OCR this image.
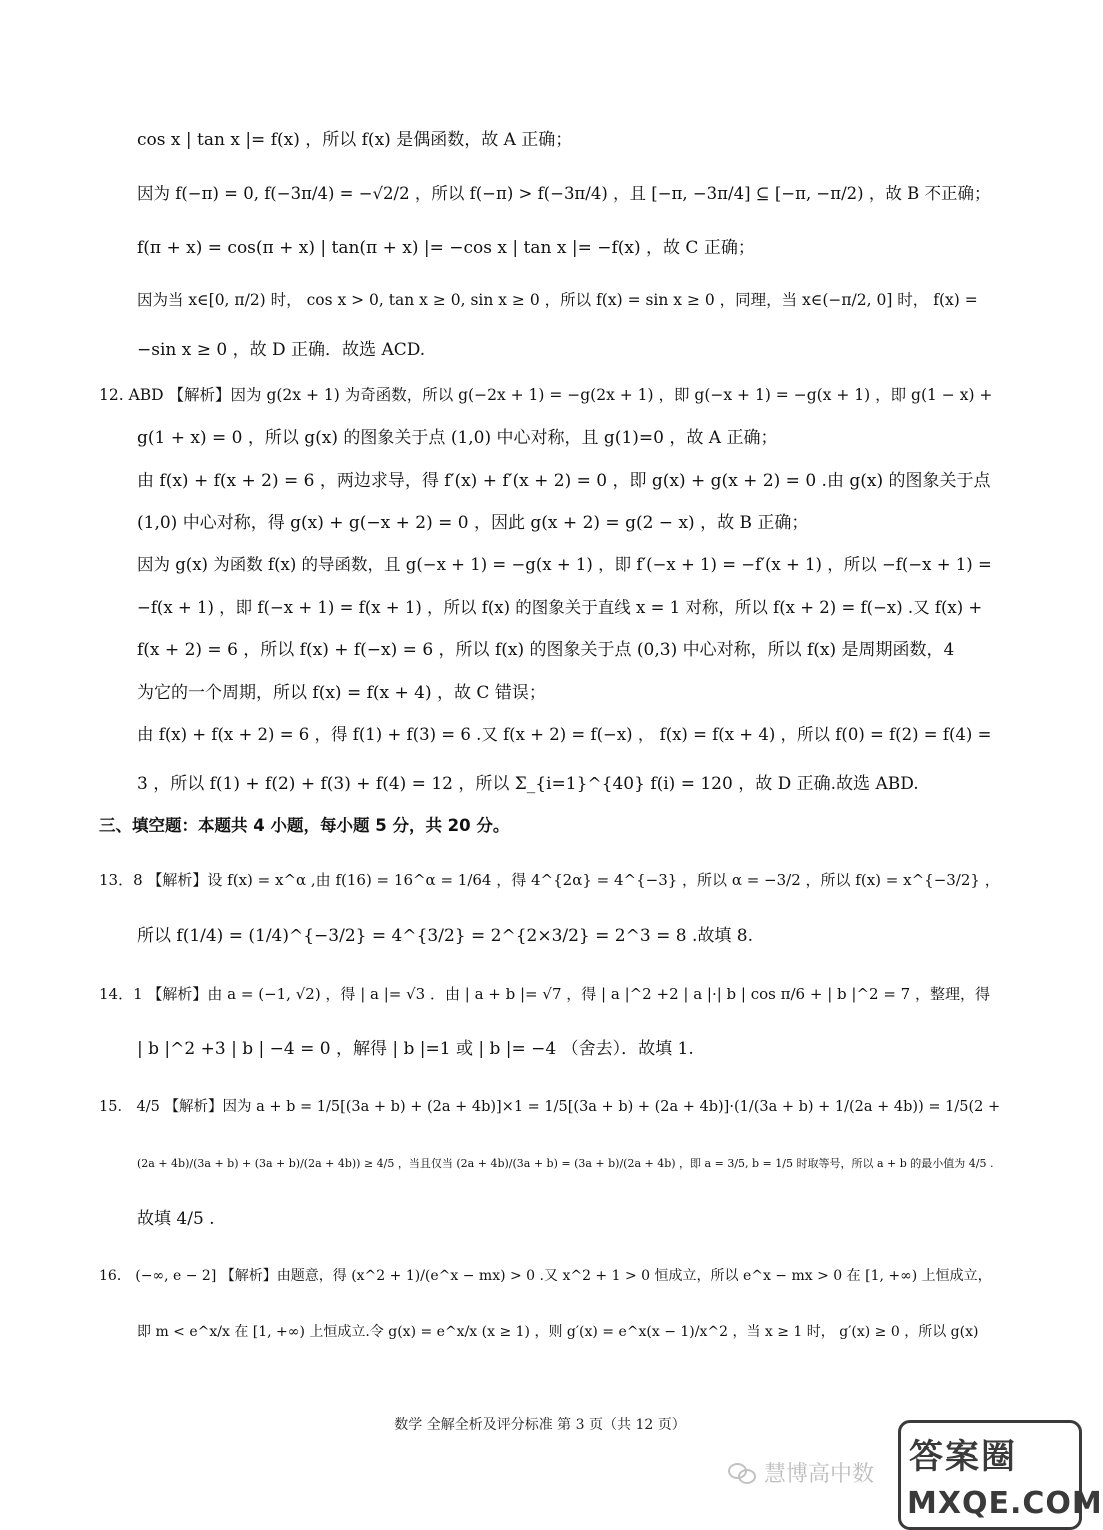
cos x | tan x |= f(x) ，所以 f(x) 是偶函数，故 A 正确；
因为 f(−π) = 0, f(−3π/4) = −√2/2 ，所以 f(−π) > f(−3π/4) ，且 [−π, −3π/4] ⊆ [−π, −π/2) ，故 B 不正确；
f(π + x) = cos(π + x) | tan(π + x) |= −cos x | tan x |= −f(x) ，故 C 正确；
因为当 x∈[0, π/2) 时， cos x > 0, tan x ≥ 0, sin x ≥ 0 ，所以 f(x) = sin x ≥ 0 ，同理，当 x∈(−π/2, 0] 时， f(x) =
−sin x ≥ 0 ，故 D 正确．故选 ACD.
12. ABD 【解析】因为 g(2x + 1) 为奇函数，所以 g(−2x + 1) = −g(2x + 1) ，即 g(−x + 1) = −g(x + 1) ，即 g(1 − x) +
g(1 + x) = 0 ，所以 g(x) 的图象关于点 (1,0) 中心对称，且 g(1)=0 ，故 A 正确；
由 f(x) + f(x + 2) = 6 ，两边求导，得 f′(x) + f′(x + 2) = 0 ，即 g(x) + g(x + 2) = 0 .由 g(x) 的图象关于点
(1,0) 中心对称，得 g(x) + g(−x + 2) = 0 ，因此 g(x + 2) = g(2 − x) ，故 B 正确；
因为 g(x) 为函数 f(x) 的导函数，且 g(−x + 1) = −g(x + 1) ，即 f′(−x + 1) = −f′(x + 1) ，所以 −f(−x + 1) =
−f(x + 1) ，即 f(−x + 1) = f(x + 1) ，所以 f(x) 的图象关于直线 x = 1 对称，所以 f(x + 2) = f(−x) .又 f(x) +
f(x + 2) = 6 ，所以 f(x) + f(−x) = 6 ，所以 f(x) 的图象关于点 (0,3) 中心对称，所以 f(x) 是周期函数，4
为它的一个周期，所以 f(x) = f(x + 4) ，故 C 错误；
由 f(x) + f(x + 2) = 6 ，得 f(1) + f(3) = 6 .又 f(x + 2) = f(−x) ， f(x) = f(x + 4) ，所以 f(0) = f(2) = f(4) =
3 ，所以 f(1) + f(2) + f(3) + f(4) = 12 ，所以 Σ_{i=1}^{40} f(i) = 120 ，故 D 正确.故选 ABD.
三、填空题：本题共 4 小题，每小题 5 分，共 20 分。
13．8 【解析】设 f(x) = x^α ,由 f(16) = 16^α = 1/64 ，得 4^{2α} = 4^{−3} ，所以 α = −3/2 ，所以 f(x) = x^{−3/2} ，
所以 f(1/4) = (1/4)^{−3/2} = 4^{3/2} = 2^{2×3/2} = 2^3 = 8 .故填 8.
14．1 【解析】由 a = (−1, √2) ，得 | a |= √3 ．由 | a + b |= √7 ，得 | a |^2 +2 | a |·| b | cos π/6 + | b |^2 = 7 ，整理，得
| b |^2 +3 | b | −4 = 0 ，解得 | b |=1 或 | b |= −4 （舍去）．故填 1.
15． 4/5 【解析】因为 a + b = 1/5[(3a + b) + (2a + 4b)]×1 = 1/5[(3a + b) + (2a + 4b)]·(1/(3a + b) + 1/(2a + 4b)) = 1/5(2 +
(2a + 4b)/(3a + b) + (3a + b)/(2a + 4b)) ≥ 4/5 ，当且仅当 (2a + 4b)/(3a + b) = (3a + b)/(2a + 4b) ，即 a = 3/5, b = 1/5 时取等号，所以 a + b 的最小值为 4/5 .
故填 4/5 .
16． (−∞, e − 2] 【解析】由题意，得 (x^2 + 1)/(e^x − mx) > 0 .又 x^2 + 1 > 0 恒成立，所以 e^x − mx > 0 在 [1, +∞) 上恒成立，
即 m < e^x/x 在 [1, +∞) 上恒成立.令 g(x) = e^x/x (x ≥ 1) ，则 g′(x) = e^x(x − 1)/x^2 ，当 x ≥ 1 时， g′(x) ≥ 0 ，所以 g(x)
数学 全解全析及评分标准 第 3 页（共 12 页）
慧博高中数 答案圈
MXQE.COM
